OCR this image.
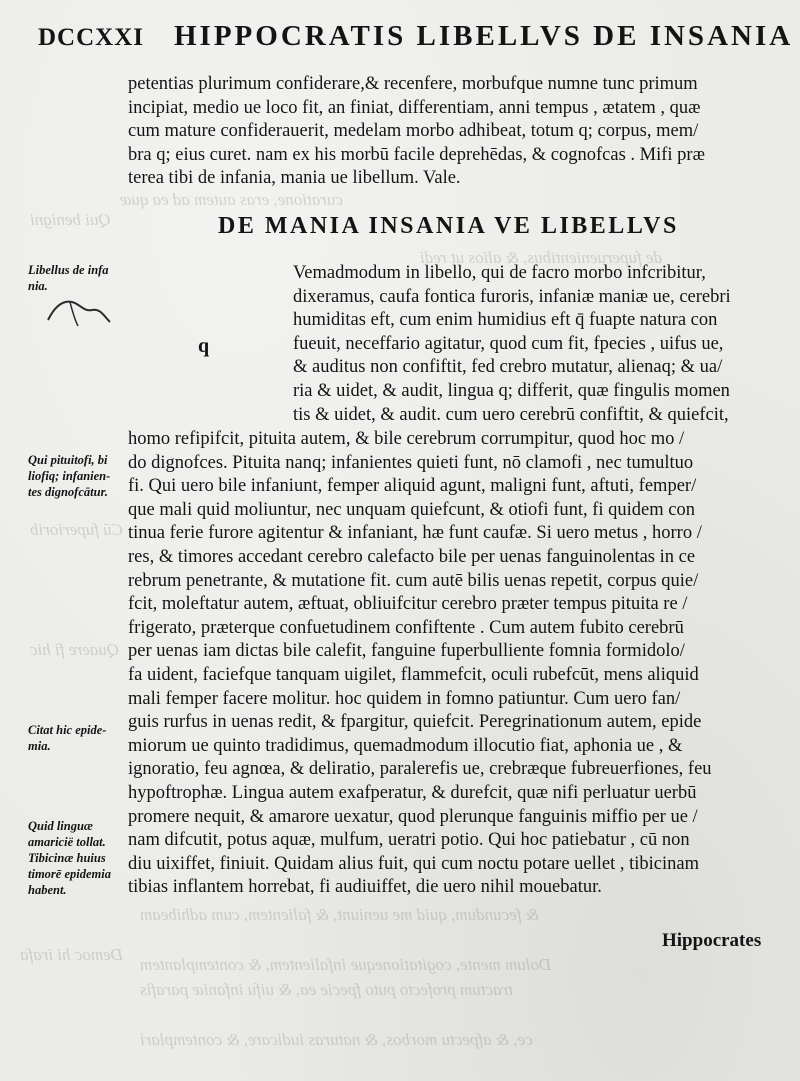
curatione, eras autem ad ea quæ
de fuperuenientibus, & alios ut redi
Qui benigni
Cū fuperiorib
Quaere fi hic
& fecundum, quid me ueniunt, & falientem, cum adhibeam
Dolum mente, cogitationeque infalientem, & contemplantem
tractum profecto puto fpecie ea, & uifu infaniæ parafis
ce, & afpectu morbos, & naturas iudicare, & contemplari
Democ hi irafa
DCCXXI HIPPOCRATIS LIBELLVS DE INSANIA
petentias plurimum confiderare,& recenfere, morbufque numne tunc primum
incipiat, medio ue loco fit, an finiat, differentiam, anni tempus , ætatem , quæ
cum mature confiderauerit, medelam morbo adhibeat, totum q; corpus, mem/
bra q; eius curet. nam ex his morbū facile deprehēdas, & cognofcas . Mifi præ
terea tibi de infania, mania ue libellum. Vale.
DE MANIA INSANIA VE LIBELLVS
q
Vemadmodum in libello, qui de facro morbo infcribitur,
dixeramus, caufa fontica furoris, infaniæ maniæ ue, cerebri
humiditas eft, cum enim humidius eft q̄ fuapte natura con
fueuit, neceffario agitatur, quod cum fit, fpecies , uifus ue,
& auditus non confiftit, fed crebro mutatur, alienaq; & ua/
ria & uidet, & audit, lingua q; differit, quæ fingulis momen
tis & uidet, & audit. cum uero cerebrū confiftit, & quiefcit,
homo refipifcit, pituita autem, & bile cerebrum corrumpitur, quod hoc mo /
do dignofces. Pituita nanq; infanientes quieti funt, nō clamofi , nec tumultuo
fi. Qui uero bile infaniunt, femper aliquid agunt, maligni funt, aftuti, femper/
que mali quid moliuntur, nec unquam quiefcunt, & otiofi funt, fi quidem con
tinua ferie furore agitentur & infaniant, hæ funt caufæ. Si uero metus , horro /
res, & timores accedant cerebro calefacto bile per uenas fanguinolentas in ce
rebrum penetrante, & mutatione fit. cum autē bilis uenas repetit, corpus quie/
fcit, moleftatur autem, æftuat, obliuifcitur cerebro præter tempus pituita re /
frigerato, præterque confuetudinem confiftente . Cum autem fubito cerebrū
per uenas iam dictas bile calefit, fanguine fuperbulliente fomnia formidolo/
fa uident, faciefque tanquam uigilet, flammefcit, oculi rubefcūt, mens aliquid
mali femper facere molitur. hoc quidem in fomno patiuntur. Cum uero fan/
guis rurfus in uenas redit, & fpargitur, quiefcit. Peregrinationum autem, epide
miorum ue quinto tradidimus, quemadmodum illocutio fiat, aphonia ue , &
ignoratio, feu agnœa, & deliratio, paralerefis ue, crebræque fubreuerfiones, feu
hypoftrophæ. Lingua autem exafperatur, & durefcit, quæ nifi perluatur uerbū
promere nequit, & amarore uexatur, quod plerunque fanguinis miffio per ue /
nam difcutit, potus aquæ, mulfum, ueratri potio. Qui hoc patiebatur , cū non
diu uixiffet, finiuit. Quidam alius fuit, qui cum noctu potare uellet , tibicinam
tibias inflantem horrebat, fi audiuiffet, die uero nihil mouebatur.
Hippocrates
Libellus de infa
nia.
Qui pituitofi, bi
liofiq; infanien-
tes dignofcātur.
Citat hic epide-
mia.
Quid linguæ
amaricië tollat.
Tibicinæ huius
timorē epidemia
habent.
